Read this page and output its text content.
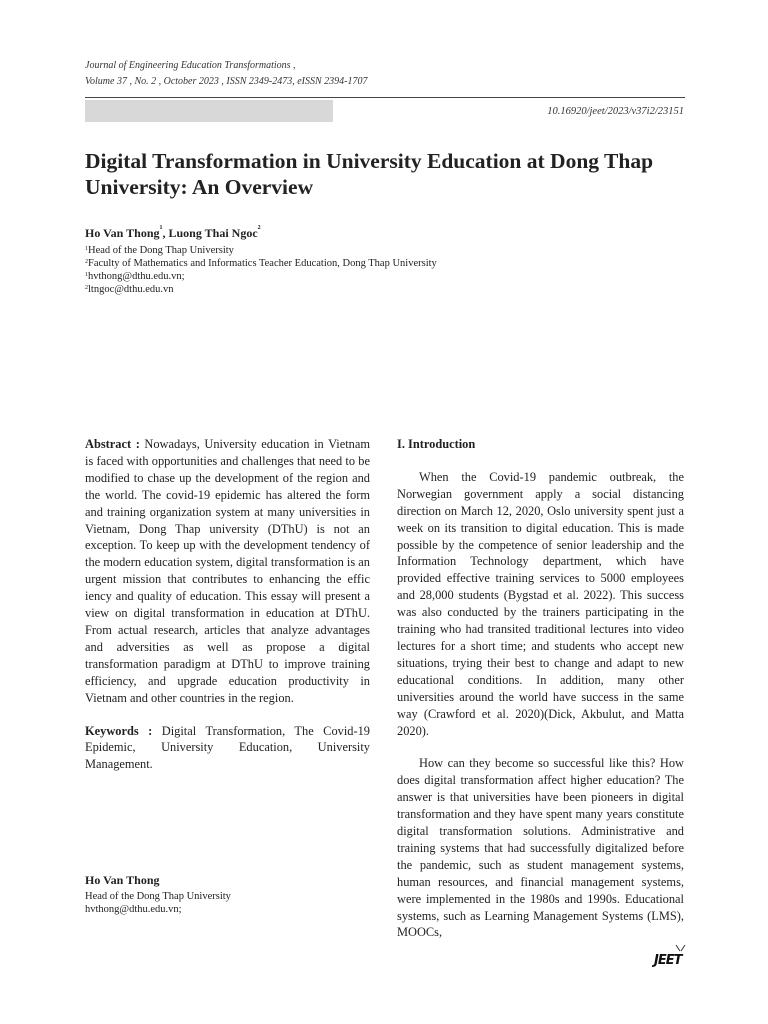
Journal of Engineering Education Transformations ,
Volume 37 , No. 2 , October 2023 , ISSN 2349-2473, eISSN 2394-1707
10.16920/jeet/2023/v37i2/23151
Digital Transformation in University Education at Dong Thap University: An Overview
Ho Van Thong$^1$, Luong Thai Ngoc$^2$
$^1$Head of the Dong Thap University
$^2$Faculty of Mathematics and Informatics Teacher Education, Dong Thap University
$^1$hvthong@dthu.edu.vn;
$^2$ltngoc@dthu.edu.vn

Abstract : Nowadays, University education in Vietnam is faced with opportunities and challenges that need to be modified to chase up the development of the region and the world. The covid-19 epidemic has altered the form and training organization system at many universities in Vietnam, Dong Thap university (DThU) is not an exception. To keep up with the development tendency of the modern education system, digital transformation is an urgent mission that contributes to enhancing the effic iency and quality of education. This essay will present a view on digital transformation in education at DThU. From actual research, articles that analyze advantages and adversities as well as propose a digital transformation paradigm at DThU to improve training efficiency, and upgrade education productivity in Vietnam and other countries in the region.

Keywords : Digital Transformation, The Covid-19 Epidemic, University Education, University Management.

Ho Van Thong
Head of the Dong Thap University
hvthong@dthu.edu.vn;

I. Introduction

When the Covid-19 pandemic outbreak, the Norwegian government apply a social distancing direction on March 12, 2020, Oslo university spent just a week on its transition to digital education. This is made possible by the competence of senior leadership and the Information Technology department, which have provided effective training services to 5000 employees and 28,000 students (Bygstad et al. 2022). This success was also conducted by the trainers participating in the training who had transited traditional lectures into video lectures for a short time; and students who accept new situations, trying their best to change and adapt to new educational conditions. In addition, many other universities around the world have success in the same way (Crawford et al. 2020)(Dick, Akbulut, and Matta 2020).

How can they become so successful like this? How does digital transformation affect higher education? The answer is that universities have been pioneers in digital transformation and they have spent many years constitute digital transformation solutions. Administrative and training systems that had successfully digitalized before the pandemic, such as student management systems, human resources, and financial management systems, were implemented in the 1980s and 1990s. Educational systems, such as Learning Management Systems (LMS), MOOCs,

JEET
